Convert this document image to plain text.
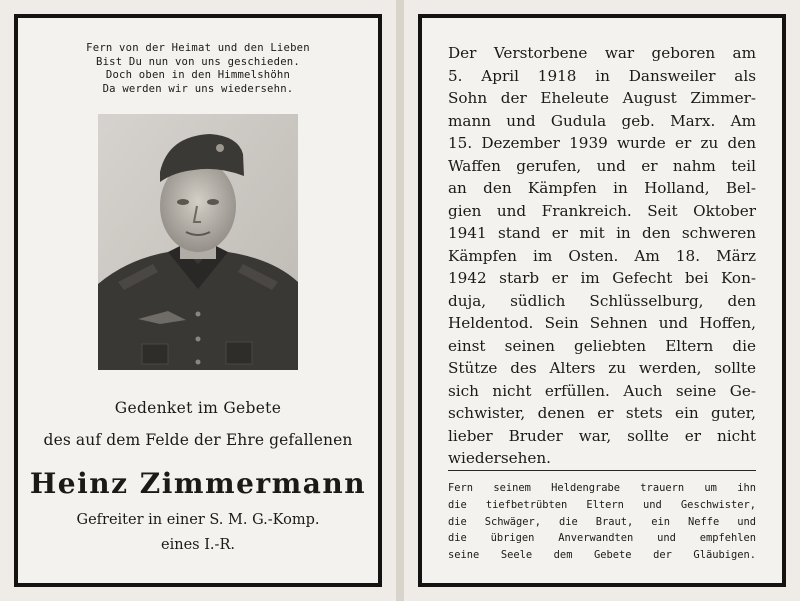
Fern von der Heimat und den Lieben
Bist Du nun von uns geschieden.
Doch oben in den Himmelshöhn
Da werden wir uns wiedersehn.
Gedenket im Gebete
des auf dem Felde der Ehre gefallenen
Heinz Zimmermann
Gefreiter in einer S. M. G.-Komp.
eines I.-R.
Der Verstorbene war geboren am
5. April 1918 in Dansweiler als
Sohn der Eheleute August Zimmer-
mann und Gudula geb. Marx. Am
15. Dezember 1939 wurde er zu den
Waffen gerufen, und er nahm teil
an den Kämpfen in Holland, Bel-
gien und Frankreich. Seit Oktober
1941 stand er mit in den schweren
Kämpfen im Osten. Am 18. März
1942 starb er im Gefecht bei Kon-
duja, südlich Schlüsselburg, den
Heldentod. Sein Sehnen und Hoffen,
einst seinen geliebten Eltern die
Stütze des Alters zu werden, sollte
sich nicht erfüllen. Auch seine Ge-
schwister, denen er stets ein guter,
lieber Bruder war, sollte er nicht
wiedersehen.
Fern seinem Heldengrabe trauern um ihn
die tiefbetrübten Eltern und Geschwister,
die Schwäger, die Braut, ein Neffe und
die übrigen Anverwandten und empfehlen
seine Seele dem Gebete der Gläubigen.
